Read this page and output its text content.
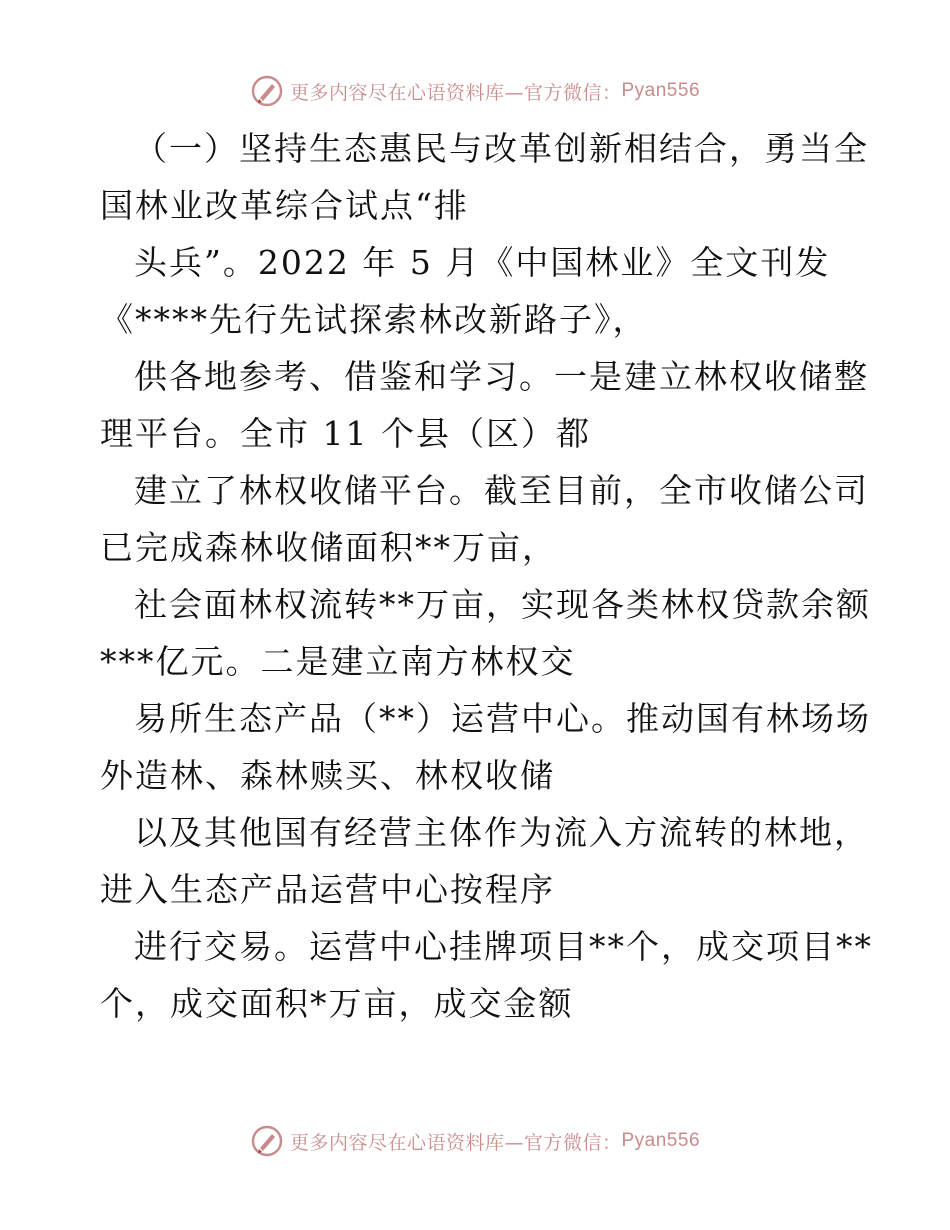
更多内容尽在心语资料库—官方微信： Pyan556
（一）坚持生态惠民与改革创新相结合，勇当全
国林业改革综合试点“排
头兵”。2022 年 5 月《中国林业》全文刊发
《****先行先试探索林改新路子》，
供各地参考、借鉴和学习。一是建立林权收储整
理平台。全市 11 个县（区）都
建立了林权收储平台。截至目前，全市收储公司
已完成森林收储面积**万亩，
社会面林权流转**万亩，实现各类林权贷款余额
***亿元。二是建立南方林权交
易所生态产品（**）运营中心。推动国有林场场
外造林、森林赎买、林权收储
以及其他国有经营主体作为流入方流转的林地，
进入生态产品运营中心按程序
进行交易。运营中心挂牌项目**个，成交项目**
个，成交面积*万亩，成交金额
更多内容尽在心语资料库—官方微信： Pyan556
